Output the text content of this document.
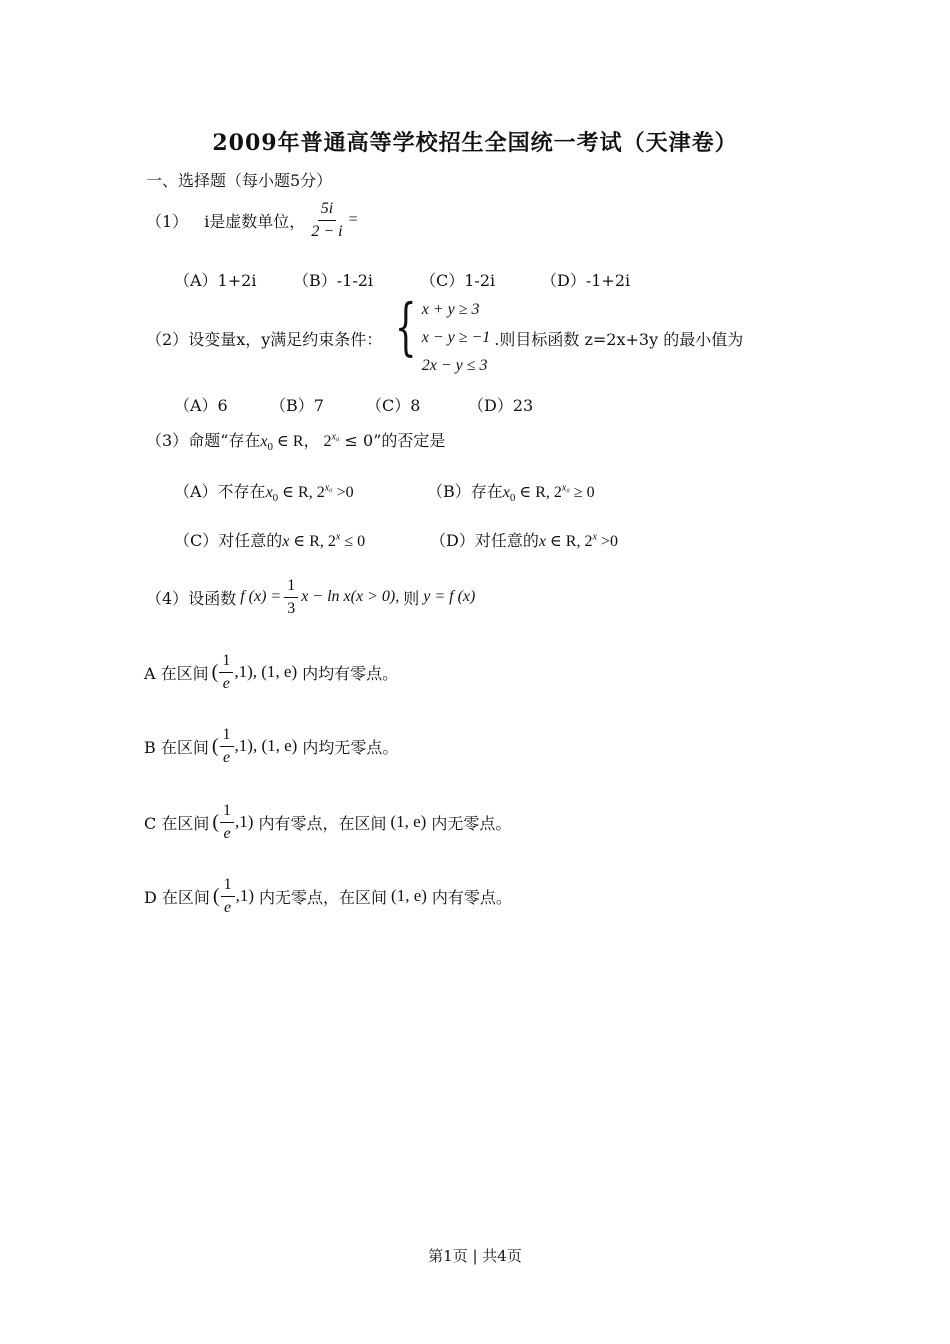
2009年普通高等学校招生全国统一考试（天津卷）
一、选择题（每小题5分）
（1） i是虚数单位， $\frac{5i}{2 - i}$ =
（A）1+2i （B）-1-2i	（C）1-2i	（D）-1+2i
（2） 设变量x，y满足约束条件： { x + y ≥ 3
x − y ≥ −1
2x − y ≤ 3
.则目标函数 z=2x+3y 的最小值为
（A）6	（B）7	（C）8	（D）23
（3）命题“存在$x_0$ ∈ R， $2^{x_0} \le 0$”的否定是
（A）不存在$x_0$ ∈ R, $2^{x_0} >0$	（B）存在$x_0$ ∈ R, $2^{x_0} \ge 0$
（C）对任意的x ∈ R, $2^x \le 0$	（D）对任意的x ∈ R, $2^x >0$
（4） 设函数 f $(x) = \frac{1}{3}$ x − ln x(x > 0), 则 y = f (x)
A 在区间 ( $\frac{1}{e} ,1$), (1, e) 内均有零点。
B 在区间 ( $\frac{1}{e} ,1$), (1, e) 内均无零点。
C 在区间 ( $\frac{1}{e} ,1$) 内有零点，在区间 (1, e) 内无零点。
D 在区间 ( $\frac{1}{e} ,1$) 内无零点，在区间 (1, e) 内有零点。
第1页 | 共4页
